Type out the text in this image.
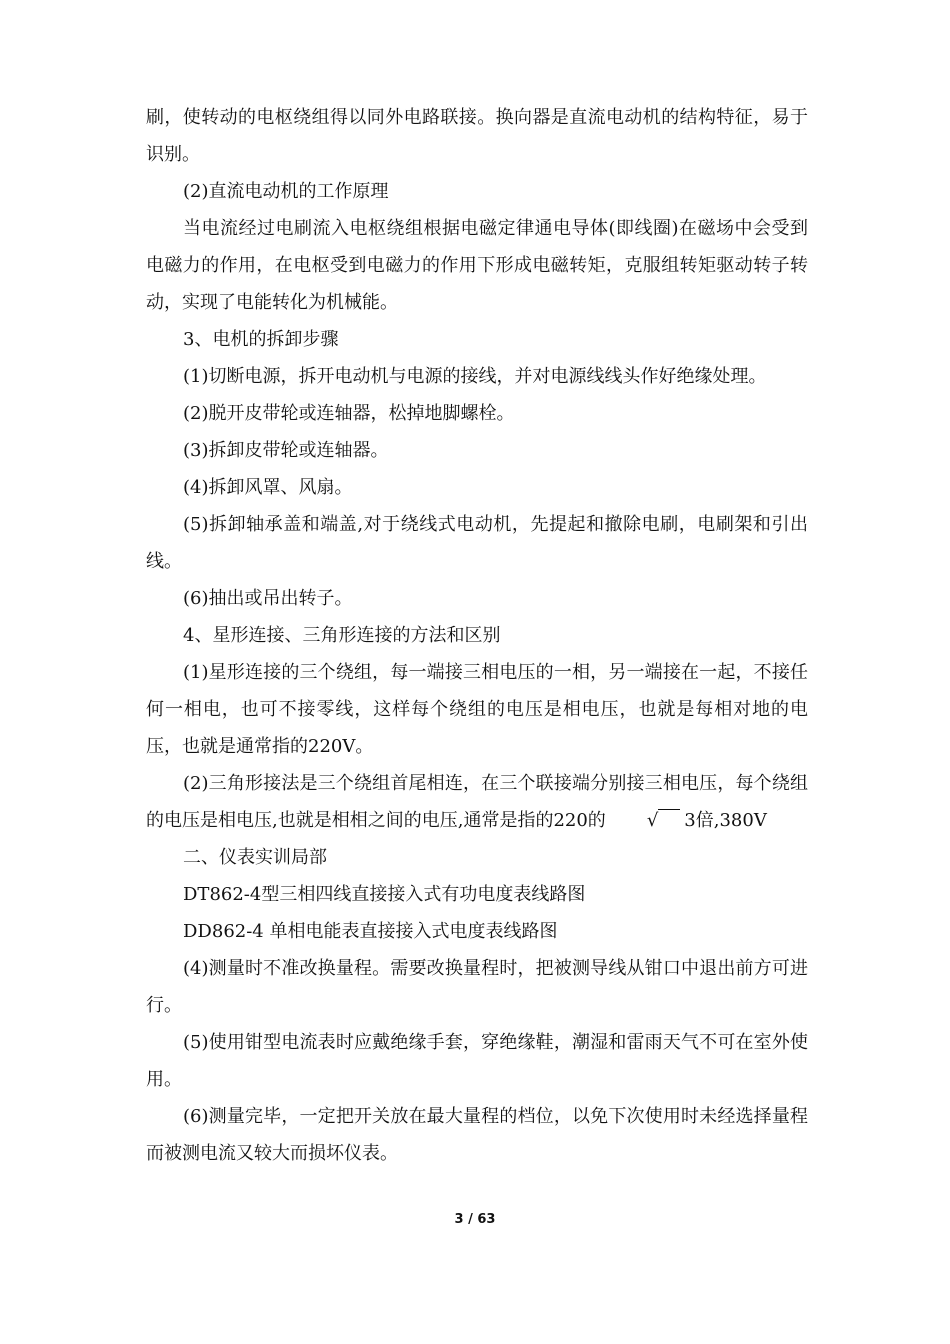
刷，使转动的电枢绕组得以同外电路联接。换向器是直流电动机的结构特征，易于识别。

(2)直流电动机的工作原理

当电流经过电刷流入电枢绕组根据电磁定律通电导体(即线圈)在磁场中会受到电磁力的作用，在电枢受到电磁力的作用下形成电磁转矩，克服组转矩驱动转子转动，实现了电能转化为机械能。

3、电机的拆卸步骤

(1)切断电源，拆开电动机与电源的接线，并对电源线线头作好绝缘处理。

(2)脱开皮带轮或连轴器，松掉地脚螺栓。

(3)拆卸皮带轮或连轴器。

(4)拆卸风罩、风扇。

(5)拆卸轴承盖和端盖,对于绕线式电动机，先提起和撤除电刷，电刷架和引出线。

(6)抽出或吊出转子。

4、星形连接、三角形连接的方法和区别

(1)星形连接的三个绕组，每一端接三相电压的一相，另一端接在一起，不接任何一相电，也可不接零线，这样每个绕组的电压是相电压，也就是每相对地的电压，也就是通常指的220V。

(2)三角形接法是三个绕组首尾相连，在三个联接端分别接三相电压，每个绕组的电压是相电压,也就是相相之间的电压,通常是指的220的 √ 3倍,380V

二、仪表实训局部

DT862-4型三相四线直接接入式有功电度表线路图

DD862-4 单相电能表直接接入式电度表线路图

(4)测量时不准改换量程。需要改换量程时，把被测导线从钳口中退出前方可进行。

(5)使用钳型电流表时应戴绝缘手套，穿绝缘鞋，潮湿和雷雨天气不可在室外使用。

(6)测量完毕，一定把开关放在最大量程的档位，以免下次使用时未经选择量程而被测电流又较大而损坏仪表。

3 / 63
